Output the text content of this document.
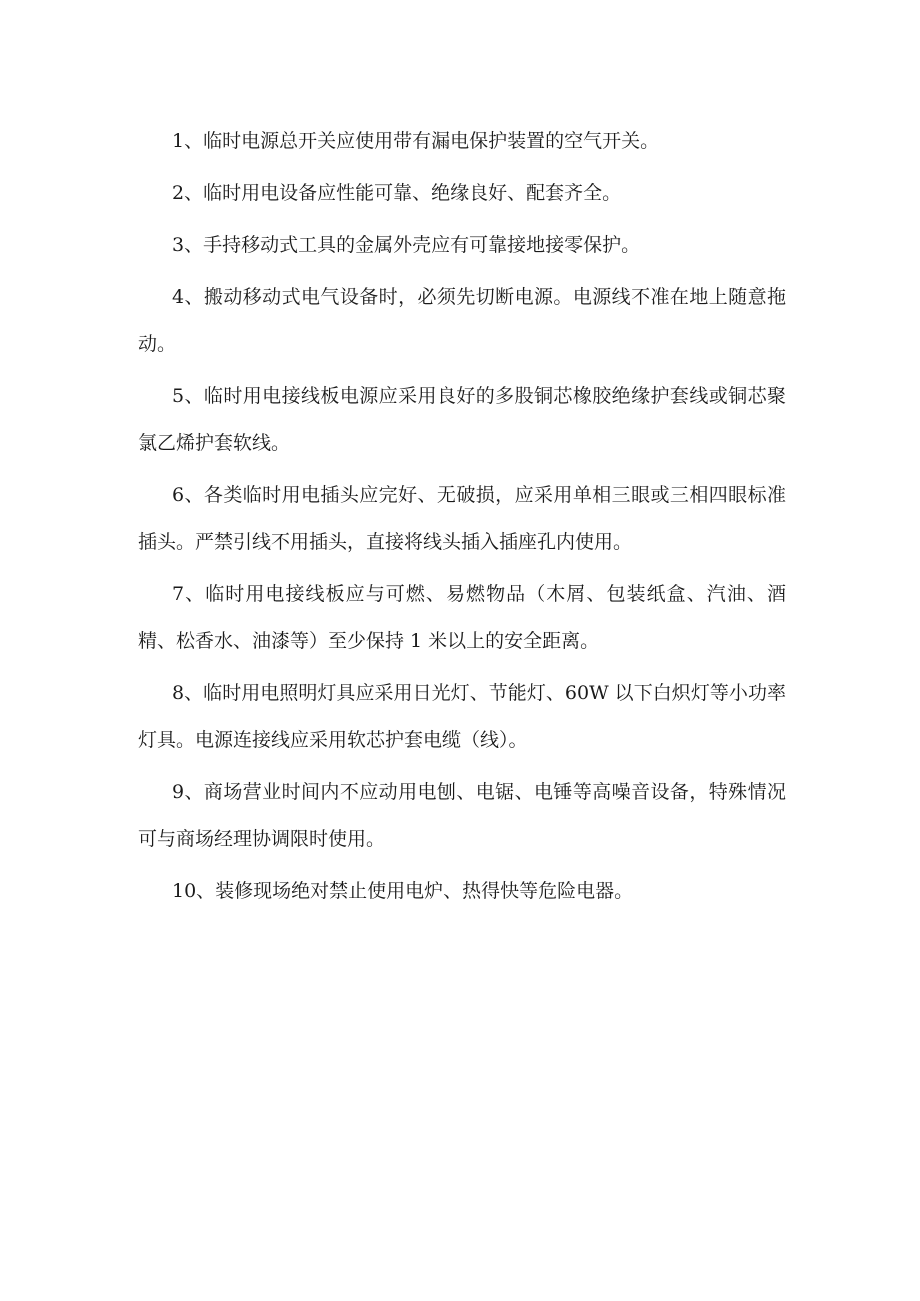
1、临时电源总开关应使用带有漏电保护装置的空气开关。

2、临时用电设备应性能可靠、绝缘良好、配套齐全。

3、手持移动式工具的金属外壳应有可靠接地接零保护。

4、搬动移动式电气设备时，必须先切断电源。电源线不准在地上随意拖动。

5、临时用电接线板电源应采用良好的多股铜芯橡胶绝缘护套线或铜芯聚氯乙烯护套软线。

6、各类临时用电插头应完好、无破损，应采用单相三眼或三相四眼标准插头。严禁引线不用插头，直接将线头插入插座孔内使用。

7、临时用电接线板应与可燃、易燃物品（木屑、包装纸盒、汽油、酒精、松香水、油漆等）至少保持 1 米以上的安全距离。

8、临时用电照明灯具应采用日光灯、节能灯、60W 以下白炽灯等小功率灯具。电源连接线应采用软芯护套电缆（线）。

9、商场营业时间内不应动用电刨、电锯、电锤等高噪音设备，特殊情况可与商场经理协调限时使用。

10、装修现场绝对禁止使用电炉、热得快等危险电器。
